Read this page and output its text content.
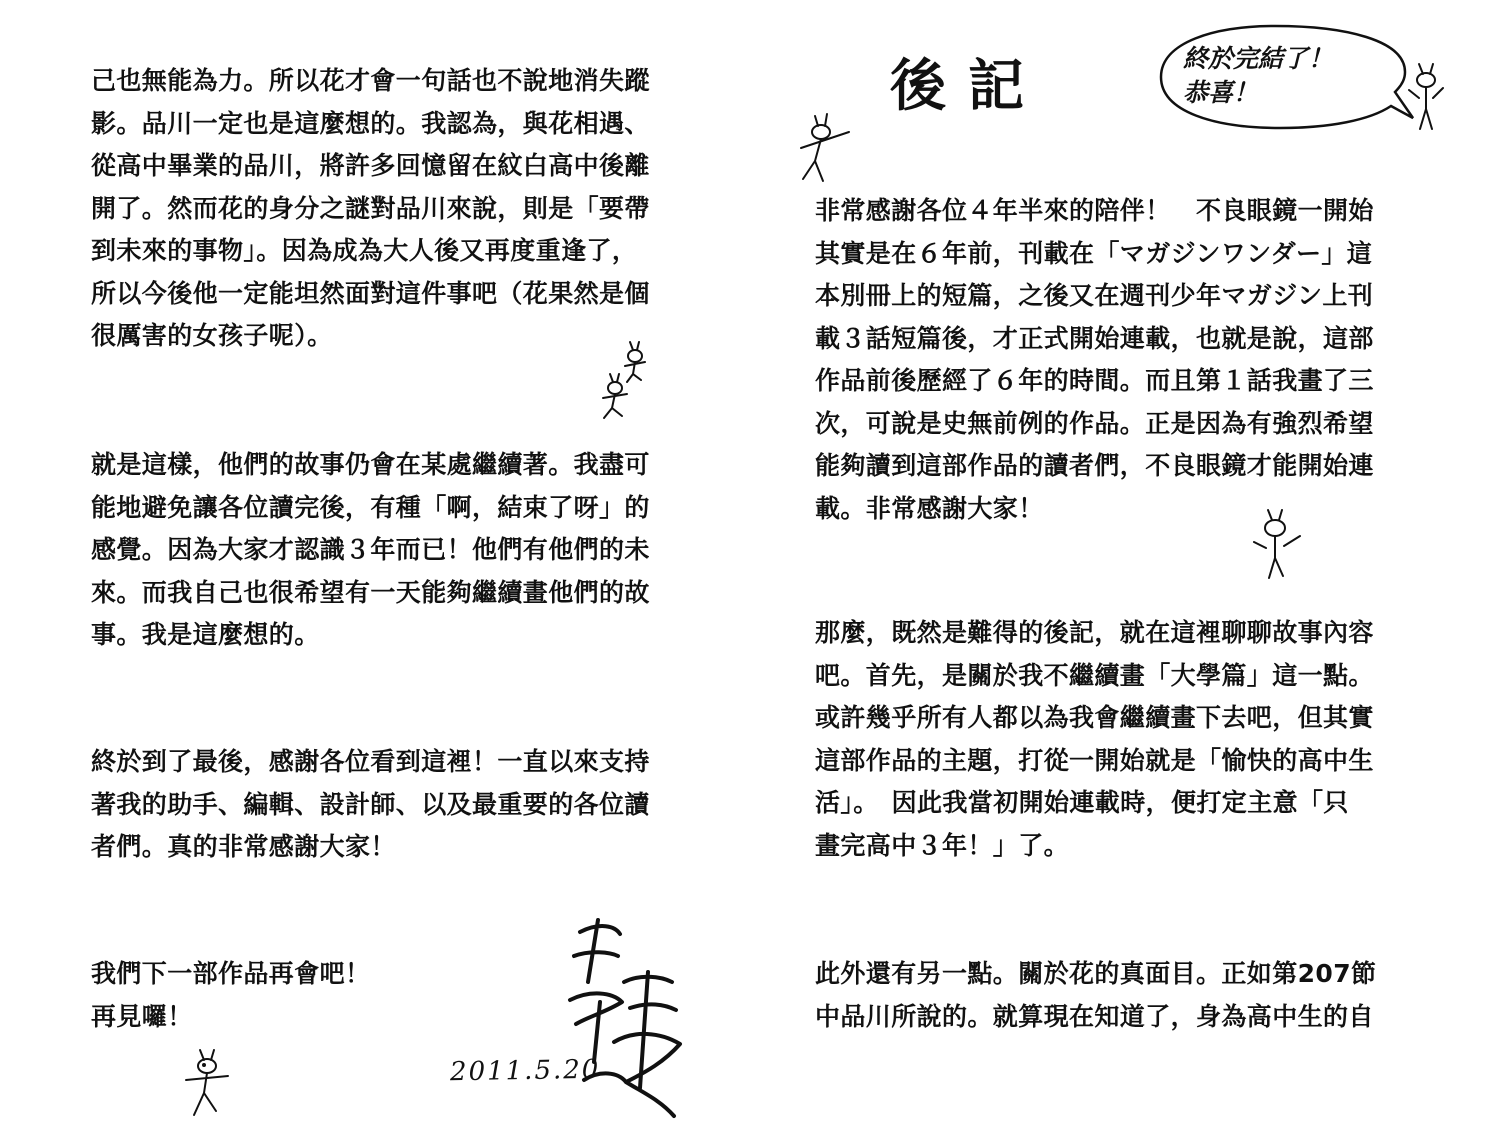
己也無能為力。所以花才會一句話也不說地消失蹤
影。品川一定也是這麼想的。我認為，與花相遇、
從高中畢業的品川，將許多回憶留在紋白高中後離
開了。然而花的身分之謎對品川來說，則是「要帶
到未來的事物」。因為成為大人後又再度重逢了，
所以今後他一定能坦然面對這件事吧（花果然是個
很厲害的女孩子呢）。
就是這樣，他們的故事仍會在某處繼續著。我盡可
能地避免讓各位讀完後，有種「啊，結束了呀」的
感覺。因為大家才認識３年而已！他們有他們的未
來。而我自己也很希望有一天能夠繼續畫他們的故
事。我是這麼想的。
終於到了最後，感謝各位看到這裡！一直以來支持
著我的助手、編輯、設計師、以及最重要的各位讀
者們。真的非常感謝大家！
我們下一部作品再會吧！
再見囉！
2011.5.20
後記	終於完結了！
恭喜！
非常感謝各位４年半來的陪伴！　不良眼鏡一開始
其實是在６年前，刊載在「マガジンワンダー」這
本別冊上的短篇，之後又在週刊少年マガジン上刊
載３話短篇後，才正式開始連載，也就是說，這部
作品前後歷經了６年的時間。而且第１話我畫了三
次，可說是史無前例的作品。正是因為有強烈希望
能夠讀到這部作品的讀者們，不良眼鏡才能開始連
載。非常感謝大家！
那麼，既然是難得的後記，就在這裡聊聊故事內容
吧。首先，是關於我不繼續畫「大學篇」這一點。
或許幾乎所有人都以為我會繼續畫下去吧，但其實
這部作品的主題，打從一開始就是「愉快的高中生
活」。　因此我當初開始連載時，便打定主意「只
畫完高中３年！」了。
此外還有另一點。關於花的真面目。正如第207節
中品川所說的。就算現在知道了，身為高中生的自
